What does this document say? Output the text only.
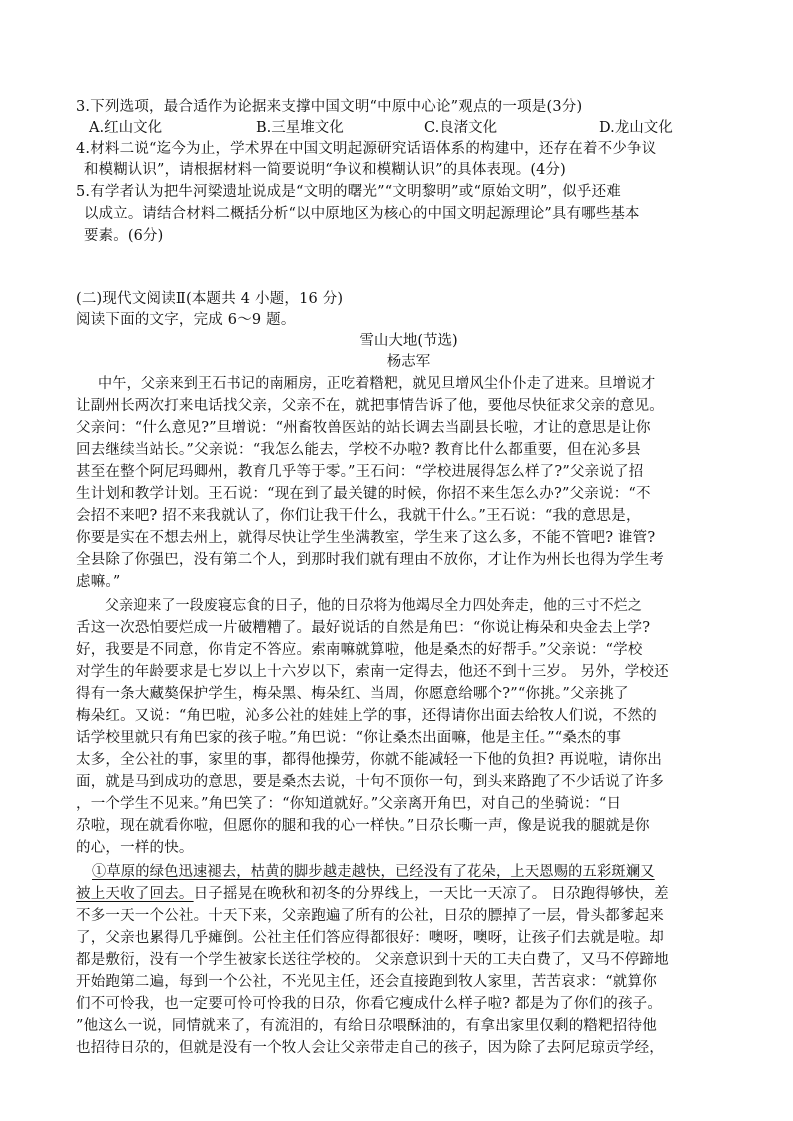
3.下列选项，最合适作为论据来支撑中国文明“中原中心论”观点的一项是(3分)
A.红山文化	B.三星堆文化	C.良渚文化	D.龙山文化
4.材料二说“迄今为止，学术界在中国文明起源研究话语体系的构建中，还存在着不少争议
和模糊认识”，请根据材料一简要说明“争议和模糊认识”的具体表现。(4分)
5.有学者认为把牛河梁遗址说成是“文明的曙光”“文明黎明”或“原始文明”，似乎还难
以成立。请结合材料二概括分析“以中原地区为核心的中国文明起源理论”具有哪些基本
要素。(6分)
(二)现代文阅读Ⅱ(本题共 4 小题，16 分)
阅读下面的文字，完成 6～9 题。
雪山大地(节选)
杨志军
中午，父亲来到王石书记的南厢房，正吃着糌粑，就见旦增风尘仆仆走了进来。旦增说才
让副州长两次打来电话找父亲，父亲不在，就把事情告诉了他，要他尽快征求父亲的意见。
父亲问：“什么意见?”旦增说：“州畜牧兽医站的站长调去当副县长啦，才让的意思是让你
回去继续当站长。”父亲说：“我怎么能去，学校不办啦? 教育比什么都重要，但在沁多县
甚至在整个阿尼玛卿州，教育几乎等于零。”王石问：“学校进展得怎么样了?”父亲说了招
生计划和教学计划。王石说：“现在到了最关键的时候，你招不来生怎么办?”父亲说：“不
会招不来吧? 招不来我就认了，你们让我干什么，我就干什么。”王石说：“我的意思是，
你要是实在不想去州上，就得尽快让学生坐满教室，学生来了这么多，不能不管吧? 谁管?
全县除了你强巴，没有第二个人，到那时我们就有理由不放你，才让作为州长也得为学生考
虑嘛。”
父亲迎来了一段废寝忘食的日子，他的日尕将为他竭尽全力四处奔走，他的三寸不烂之
舌这一次恐怕要烂成一片破糟糟了。最好说话的自然是角巴：“你说让梅朵和央金去上学?
好，我要是不同意，你肯定不答应。索南嘛就算啦，他是桑杰的好帮手。”父亲说：“学校
对学生的年龄要求是七岁以上十六岁以下，索南一定得去，他还不到十三岁。 另外，学校还
得有一条大藏獒保护学生，梅朵黑、梅朵红、当周，你愿意给哪个?”“你挑。”父亲挑了
梅朵红。又说：“角巴啦，沁多公社的娃娃上学的事，还得请你出面去给牧人们说，不然的
话学校里就只有角巴家的孩子啦。”角巴说：“你让桑杰出面嘛，他是主任。”“桑杰的事
太多，全公社的事，家里的事，都得他操劳，你就不能减轻一下他的负担? 再说啦，请你出
面，就是马到成功的意思，要是桑杰去说，十句不顶你一句，到头来路跑了不少话说了许多
，一个学生不见来。”角巴笑了：“你知道就好。”父亲离开角巴，对自己的坐骑说：“日
尕啦，现在就看你啦，但愿你的腿和我的心一样快。”日尕长嘶一声，像是说我的腿就是你
的心，一样的快。
①草原的绿色迅速褪去，枯黄的脚步越走越快，已经没有了花朵，上天恩赐的五彩斑斓又
被上天收了回去。日子摇晃在晚秋和初冬的分界线上，一天比一天凉了。 日尕跑得够快，差
不多一天一个公社。十天下来，父亲跑遍了所有的公社，日尕的膘掉了一层，骨头都爹起来
了，父亲也累得几乎瘫倒。公社主任们答应得都很好：噢呀，噢呀，让孩子们去就是啦。却
都是敷衍，没有一个学生被家长送往学校的。 父亲意识到十天的工夫白费了，又马不停蹄地
开始跑第二遍，每到一个公社，不光见主任，还会直接跑到牧人家里，苦苦哀求：“就算你
们不可怜我，也一定要可怜可怜我的日尕，你看它瘦成什么样子啦? 都是为了你们的孩子。
”他这么一说，同情就来了，有流泪的，有给日尕喂酥油的，有拿出家里仅剩的糌粑招待他
也招待日尕的，但就是没有一个牧人会让父亲带走自己的孩子，因为除了去阿尼琼贡学经，
